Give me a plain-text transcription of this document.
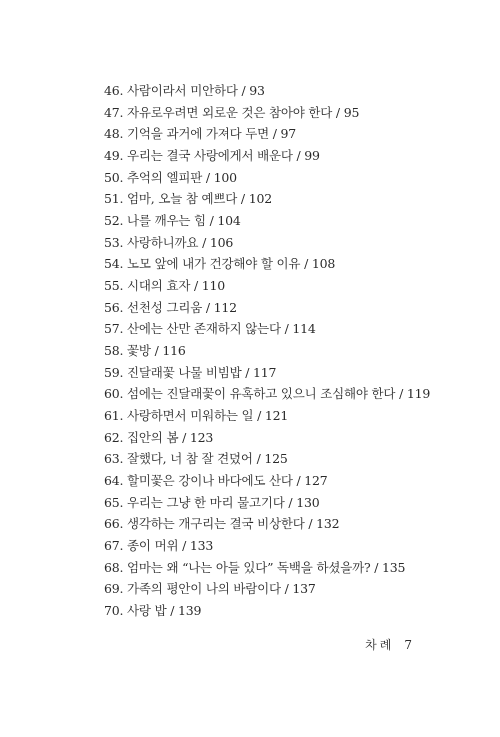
46. 사람이라서 미안하다 / 93
47. 자유로우려면 외로운 것은 참아야 한다 / 95
48. 기억을 과거에 가져다 두면 / 97
49. 우리는 결국 사랑에게서 배운다 / 99
50. 추억의 엘피판 / 100
51. 엄마, 오늘 참 예쁘다 / 102
52. 나를 깨우는 힘 / 104
53. 사랑하니까요 / 106
54. 노모 앞에 내가 건강해야 할 이유 / 108
55. 시대의 효자 / 110
56. 선천성 그리움 / 112
57. 산에는 산만 존재하지 않는다 / 114
58. 꽃방 / 116
59. 진달래꽃 나물 비빔밥 / 117
60. 섬에는 진달래꽃이 유혹하고 있으니 조심해야 한다 / 119
61. 사랑하면서 미워하는 일 / 121
62. 집안의 봄 / 123
63. 잘했다, 너 참 잘 견뎠어 / 125
64. 할미꽃은 강이나 바다에도 산다 / 127
65. 우리는 그냥 한 마리 물고기다 / 130
66. 생각하는 개구리는 결국 비상한다 / 132
67. 종이 머위 / 133
68. 엄마는 왜 “나는 아들 있다” 독백을 하셨을까? / 135
69. 가족의 평안이 나의 바람이다 / 137
70. 사랑 밥 / 139
차례 7
